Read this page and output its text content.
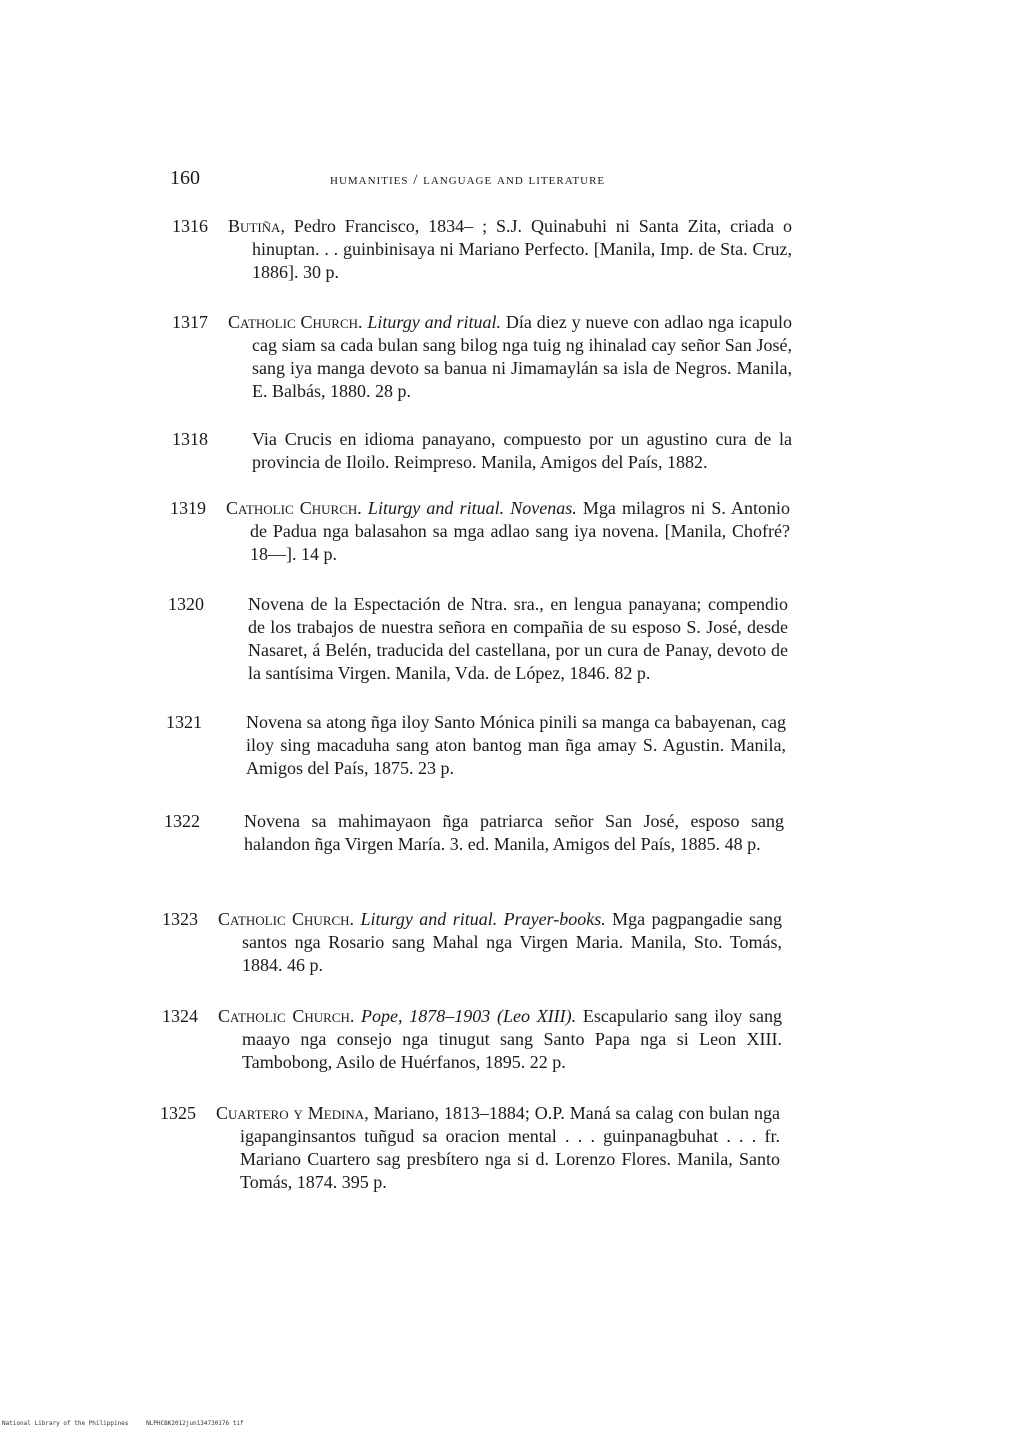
160	humanities / language and literature
1316 Butiña, Pedro Francisco, 1834– ; S.J. Quinabuhi ni Santa Zita, criada o hinuptan. . . guinbinisaya ni Mariano Perfecto. [Manila, Imp. de Sta. Cruz, 1886]. 30 p.
1317 Catholic Church. Liturgy and ritual. Día diez y nueve con adlao nga icapulo cag siam sa cada bulan sang bilog nga tuig ng ihinalad cay señor San José, sang iya manga devoto sa banua ni Jimamaylán sa isla de Negros. Manila, E. Balbás, 1880. 28 p.
1318	Via Crucis en idioma panayano, compuesto por un agustino cura de la provincia de Iloilo. Reimpreso. Manila, Amigos del País, 1882.
1319 Catholic Church. Liturgy and ritual. Novenas. Mga milagros ni S. Antonio de Padua nga balasahon sa mga adlao sang iya novena. [Manila, Chofré? 18—]. 14 p.
1320	Novena de la Espectación de Ntra. sra., en lengua panayana; compendio de los trabajos de nuestra señora en compañia de su esposo S. José, desde Nasaret, á Belén, traducida del castellana, por un cura de Panay, devoto de la santísima Virgen. Manila, Vda. de López, 1846. 82 p.
1321	Novena sa atong ñga iloy Santo Mónica pinili sa manga ca babayenan, cag iloy sing macaduha sang aton bantog man ñga amay S. Agustin. Manila, Amigos del País, 1875. 23 p.
1322	Novena sa mahimayaon ñga patriarca señor San José, esposo sang halandon ñga Virgen María. 3. ed. Manila, Amigos del País, 1885. 48 p.
1323 Catholic Church. Liturgy and ritual. Prayer-books. Mga pagpangadie sang santos nga Rosario sang Mahal nga Virgen Maria. Manila, Sto. Tomás, 1884. 46 p.
1324 Catholic Church. Pope, 1878–1903 (Leo XIII). Escapulario sang iloy sang maayo nga consejo nga tinugut sang Santo Papa nga si Leon XIII. Tambobong, Asilo de Huérfanos, 1895. 22 p.
1325 Cuartero y Medina, Mariano, 1813–1884; O.P. Maná sa calag con bulan nga igapanginsantos tuñgud sa oracion mental . . . guinpanagbuhat . . . fr. Mariano Cuartero sag presbítero nga si d. Lorenzo Flores. Manila, Santo Tomás, 1874. 395 p.
National Library of the Philippines	NLPHCBK2012jun134730176 tif
